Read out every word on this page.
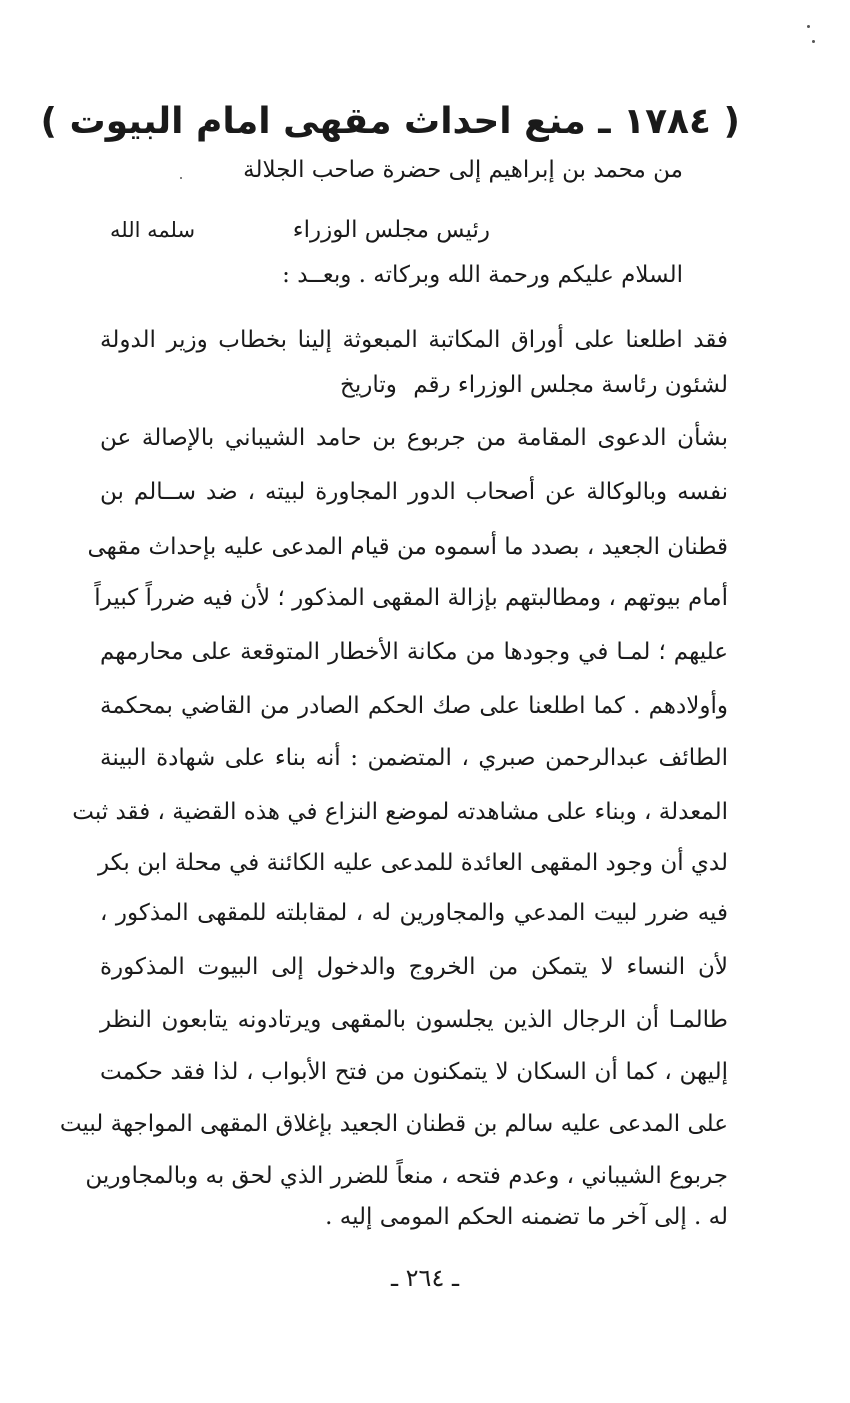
( ١٧٨٤ ـ منع احداث مقهى امام البيوت )
من محمد بن إبراهيم إلى حضرة صاحب الجلالة
رئيس مجلس الوزراء
سلمه الله
السلام عليكم ورحمة الله وبركاته . وبعــد :
فقد اطلعنا على أوراق المكاتبة المبعوثة إلينا بخطاب وزير الدولة
لشئون رئاسة مجلس الوزراء رقم
وتاريخ
بشأن الدعوى المقامة من جربوع بن حامد الشيباني بالإصالة عن
نفسه وبالوكالة عن أصحاب الدور المجاورة لبيته ، ضد ســالم بن
قطنان الجعيد ، بصدد ما أسموه من قيام المدعى عليه بإحداث مقهى
أمام بيوتهم ، ومطالبتهم بإزالة المقهى المذكور ؛ لأن فيه ضرراً كبيراً
عليهم ؛ لمـا في وجودها من مكانة الأخطار المتوقعة على محارمهم
وأولادهم . كما اطلعنا على صك الحكم الصادر من القاضي بمحكمة
الطائف عبدالرحمن صبري ، المتضمن : أنه بناء على شهادة البينة
المعدلة ، وبناء على مشاهدته لموضع النزاع في هذه القضية ، فقد ثبت
لدي أن وجود المقهى العائدة للمدعى عليه الكائنة في محلة ابن بكر
فيه ضرر لبيت المدعي والمجاورين له ، لمقابلته للمقهى المذكور ،
لأن النساء لا يتمكن من الخروج والدخول إلى البيوت المذكورة
طالمـا أن الرجال الذين يجلسون بالمقهى ويرتادونه يتابعون النظر
إليهن ، كما أن السكان لا يتمكنون من فتح الأبواب ، لذا فقد حكمت
على المدعى عليه سالم بن قطنان الجعيد بإغلاق المقهى المواجهة لبيت
جربوع الشيباني ، وعدم فتحه ، منعاً للضرر الذي لحق به وبالمجاورين
له . إلى آخر ما تضمنه الحكم المومى إليه .
ـ ٢٦٤ ـ
